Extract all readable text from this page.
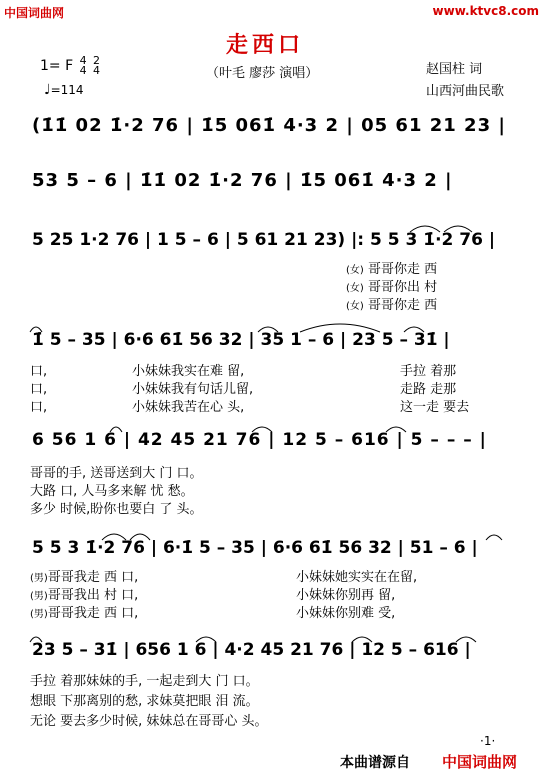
中国词曲网	www.ktvc8.com
走西口
（叶毛 廖莎 演唱）	赵国柱 词
山西河曲民歌
1= F 4
4

2
4
♩=114
(1̇1̇ 02 1̇·2 76 | 1̇5 061̇ 4·3 2 | 05 61 21 23 |
53 5 – 6 | 1̇1̇ 02 1̇·2 76 | 1̇5 061̇ 4·3 2 |
5 25 1·2 76 | 1 5 – 6 | 5 61 21 23) |: 5 5 3 1̇·2 76 |
1̇ 5 – 35 | 6·6 61̇ 56 32 | 35 1 – 6 | 23 5 – 31̇ |
6 56 1 6 | 42 45 21 76 | 12 5 – 616 | 5 – – – |
5 5 3 1̇·2 76 | 6·1̇ 5 – 35 | 6·6 61̇ 56 32 | 51 – 6 |
23 5 – 31̇ | 656 1 6 | 4·2 45 21 76 | 12 5 – 616 |
(女) 哥哥你走 西
(女) 哥哥你出 村
(女) 哥哥你走 西
口,	小妹妹我实在难 留,	手拉 着那
口,	小妹妹我有句话儿留,	走路 走那
口,	小妹妹我苦在心 头,	这一走 要去
哥哥的手, 送哥送到大 门 口。
大路 口, 人马多来解 忧 愁。
多少 时候,盼你也要白 了 头。
(男)哥哥我走 西 口,	小妹妹她实实在在留,
(男)哥哥我出 村 口,	小妹妹你别再 留,
(男)哥哥我走 西 口,	小妹妹你别难 受,
手拉 着那妹妹的手, 一起走到大 门 口。
想眼 下那离别的愁, 求妹莫把眼 泪 流。
无论 要去多少时候, 妹妹总在哥哥心 头。
·1·
本曲谱源自 中国词曲网
